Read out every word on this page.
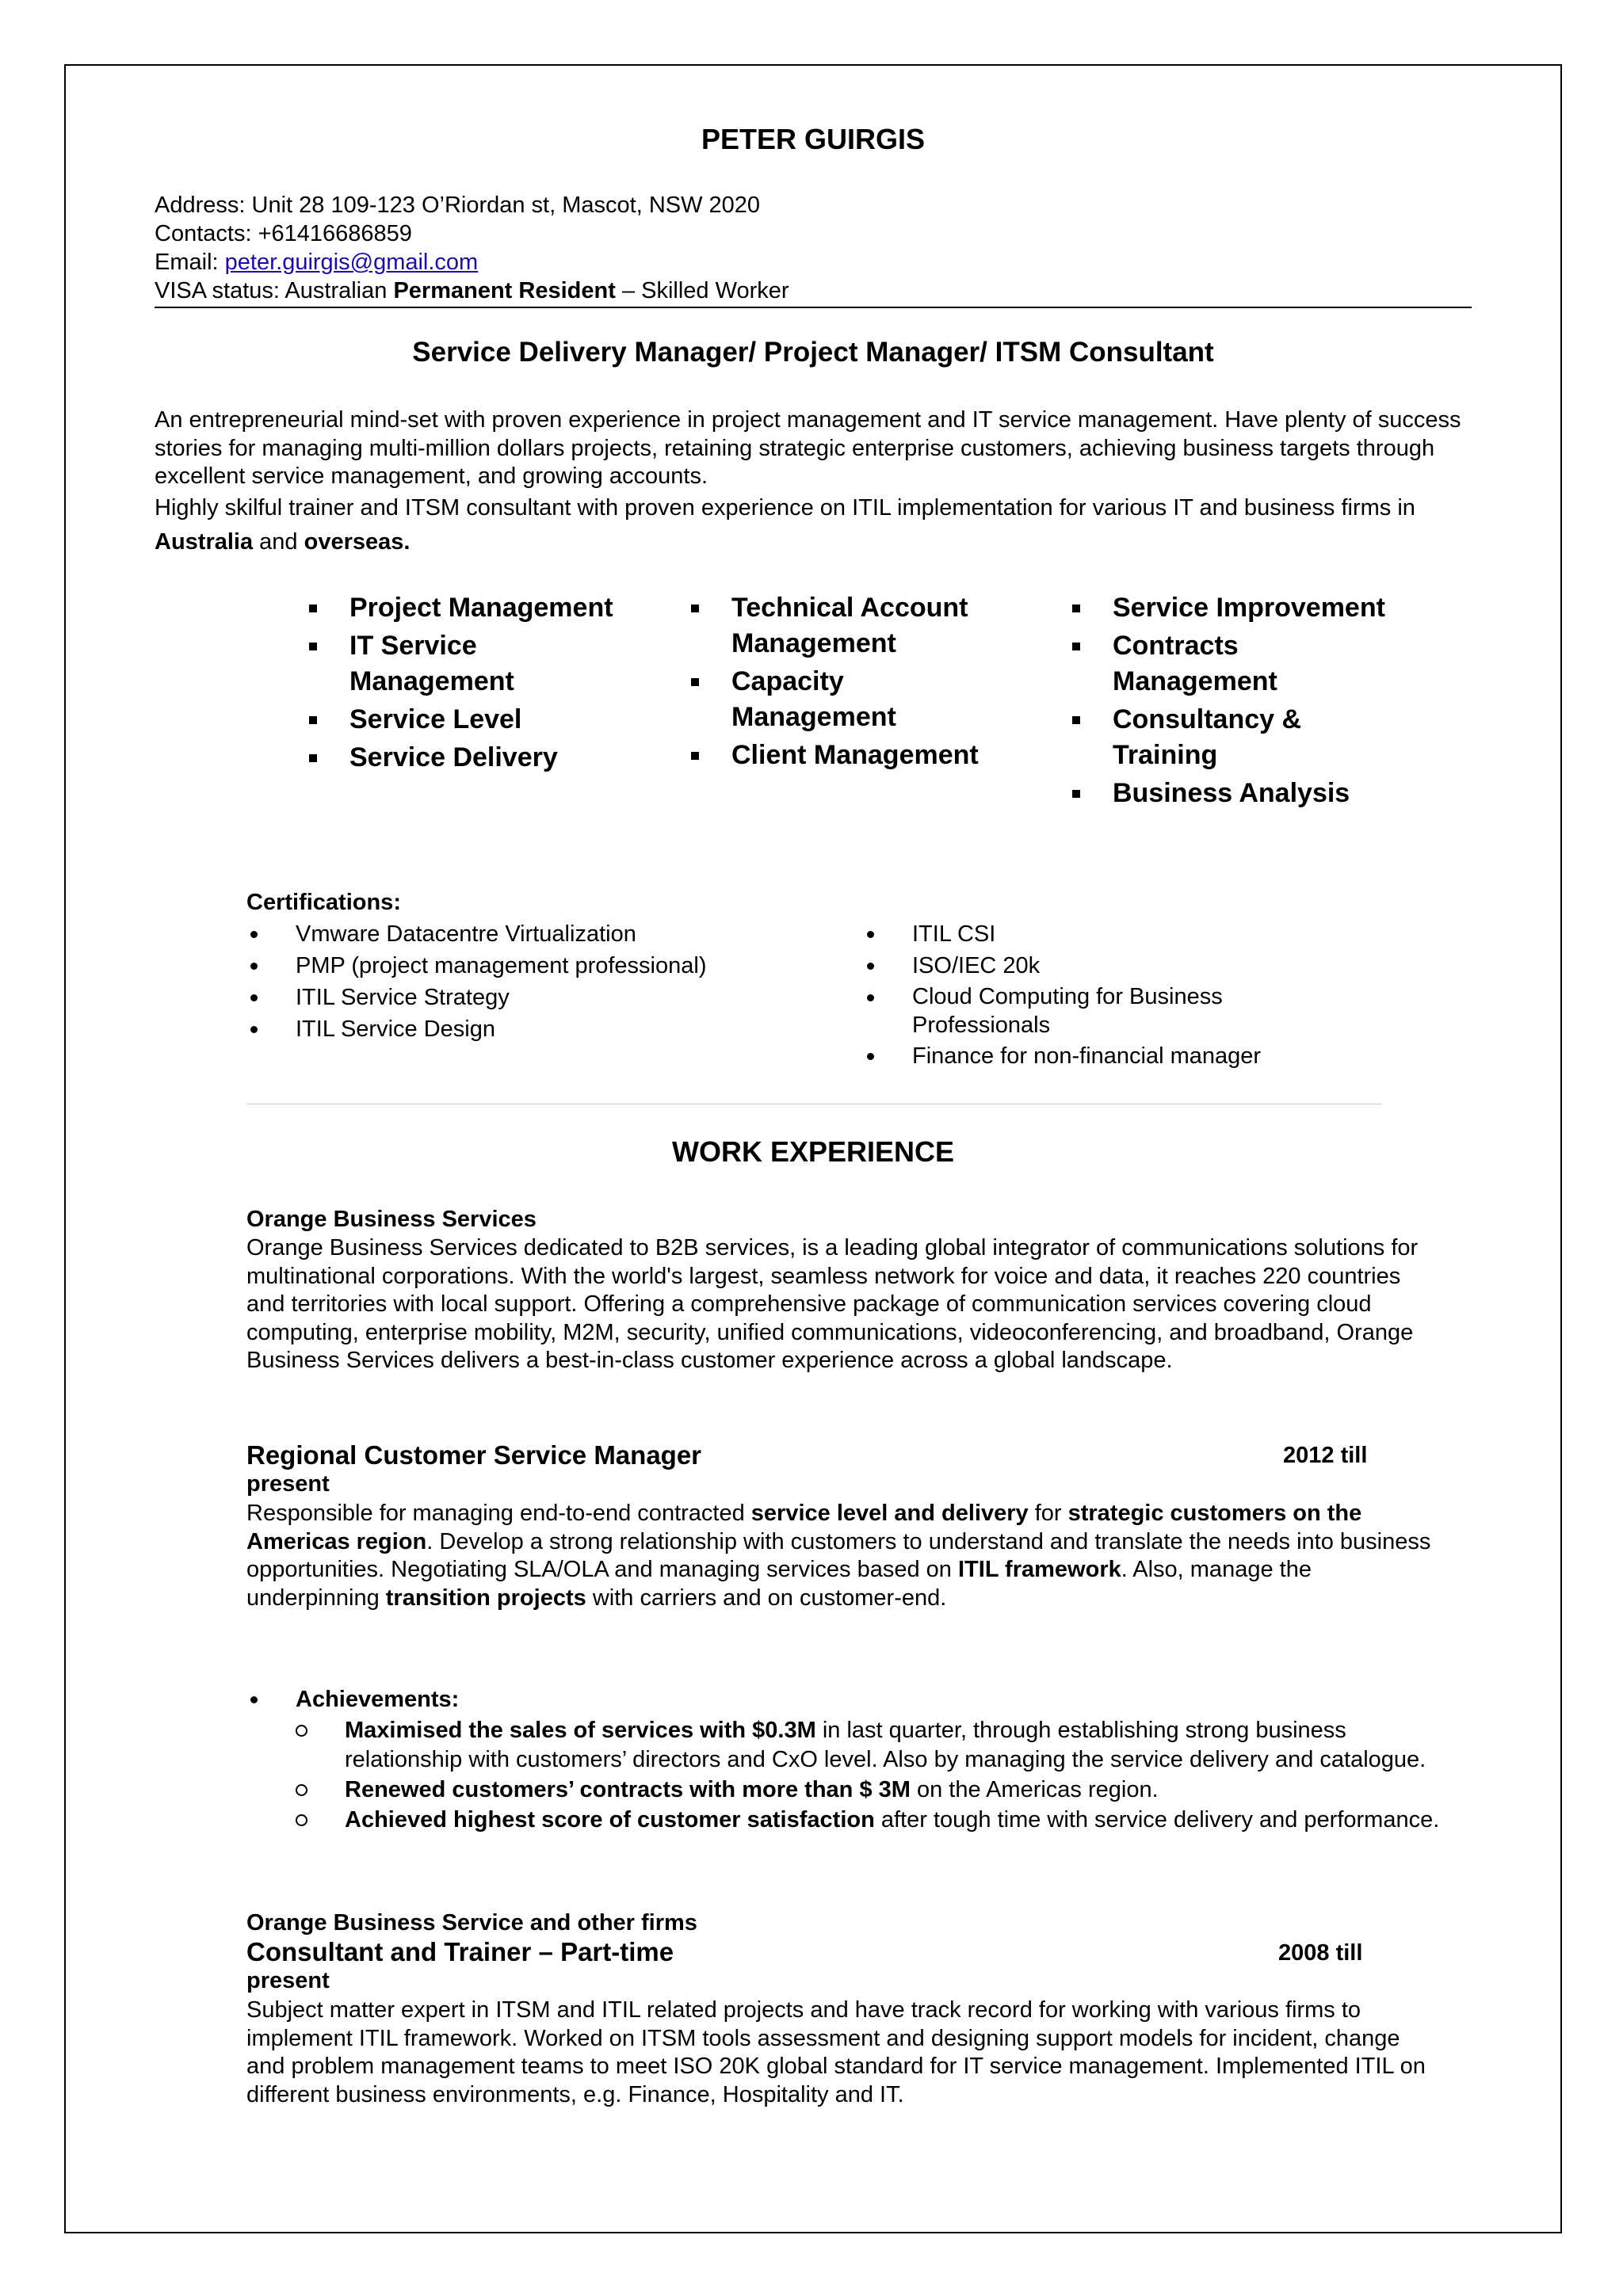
PETER GUIRGIS
Address: Unit 28 109-123 O’Riordan st, Mascot, NSW 2020
Contacts: +61416686859
Email: peter.guirgis@gmail.com
VISA status: Australian Permanent Resident – Skilled Worker
Service Delivery Manager/ Project Manager/ ITSM Consultant
An entrepreneurial mind-set with proven experience in project management and IT service management. Have plenty of success stories for managing multi-million dollars projects, retaining strategic enterprise customers, achieving business targets through excellent service management, and growing accounts.
Highly skilful trainer and ITSM consultant with proven experience on ITIL implementation for various IT and business firms in Australia and overseas.
Project Management
IT Service Management
Service Level
Service Delivery
Technical Account Management
Capacity Management
Client Management
Service Improvement
Contracts Management
Consultancy & Training
Business Analysis
Certifications:
Vmware Datacentre Virtualization
PMP (project management professional)
ITIL Service Strategy
ITIL Service Design
ITIL CSI
ISO/IEC 20k
Cloud Computing for Business Professionals
Finance for non-financial manager
WORK EXPERIENCE
Orange Business Services
Orange Business Services dedicated to B2B services, is a leading global integrator of communications solutions for multinational corporations. With the world's largest, seamless network for voice and data, it reaches 220 countries and territories with local support. Offering a comprehensive package of communication services covering cloud computing, enterprise mobility, M2M, security, unified communications, videoconferencing, and broadband, Orange Business Services delivers a best-in-class customer experience across a global landscape.
Regional Customer Service Manager	2012 till
present
Responsible for managing end-to-end contracted service level and delivery for strategic customers on the Americas region. Develop a strong relationship with customers to understand and translate the needs into business opportunities. Negotiating SLA/OLA and managing services based on ITIL framework. Also, manage the underpinning transition projects with carriers and on customer-end.
Achievements:
Maximised the sales of services with $0.3M in last quarter, through establishing strong business relationship with customers’ directors and CxO level. Also by managing the service delivery and catalogue.
Renewed customers’ contracts with more than $ 3M on the Americas region.
Achieved highest score of customer satisfaction after tough time with service delivery and performance.
Orange Business Service and other firms
Consultant and Trainer – Part-time	2008 till
present
Subject matter expert in ITSM and ITIL related projects and have track record for working with various firms to implement ITIL framework. Worked on ITSM tools assessment and designing support models for incident, change and problem management teams to meet ISO 20K global standard for IT service management. Implemented ITIL on different business environments, e.g. Finance, Hospitality and IT.
